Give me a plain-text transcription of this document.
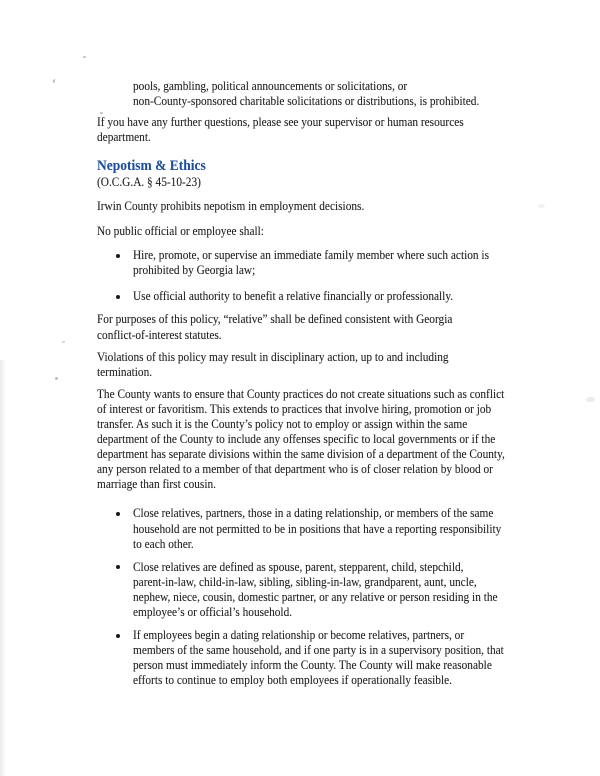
pools, gambling, political announcements or solicitations, or
non-County-sponsored charitable solicitations or distributions, is prohibited.
If you have any further questions, please see your supervisor or human resources
department.
Nepotism & Ethics
(O.C.G.A. § 45-10-23)
Irwin County prohibits nepotism in employment decisions.
No public official or employee shall:
Hire, promote, or supervise an immediate family member where such action is
prohibited by Georgia law;
Use official authority to benefit a relative financially or professionally.
For purposes of this policy, “relative” shall be defined consistent with Georgia
conflict-of-interest statutes.
Violations of this policy may result in disciplinary action, up to and including
termination.
The County wants to ensure that County practices do not create situations such as conflict
of interest or favoritism. This extends to practices that involve hiring, promotion or job
transfer. As such it is the County’s policy not to employ or assign within the same
department of the County to include any offenses specific to local governments or if the
department has separate divisions within the same division of a department of the County,
any person related to a member of that department who is of closer relation by blood or
marriage than first cousin.
Close relatives, partners, those in a dating relationship, or members of the same
household are not permitted to be in positions that have a reporting responsibility
to each other.
Close relatives are defined as spouse, parent, stepparent, child, stepchild,
parent-in-law, child-in-law, sibling, sibling-in-law, grandparent, aunt, uncle,
nephew, niece, cousin, domestic partner, or any relative or person residing in the
employee’s or official’s household.
If employees begin a dating relationship or become relatives, partners, or
members of the same household, and if one party is in a supervisory position, that
person must immediately inform the County. The County will make reasonable
efforts to continue to employ both employees if operationally feasible.
